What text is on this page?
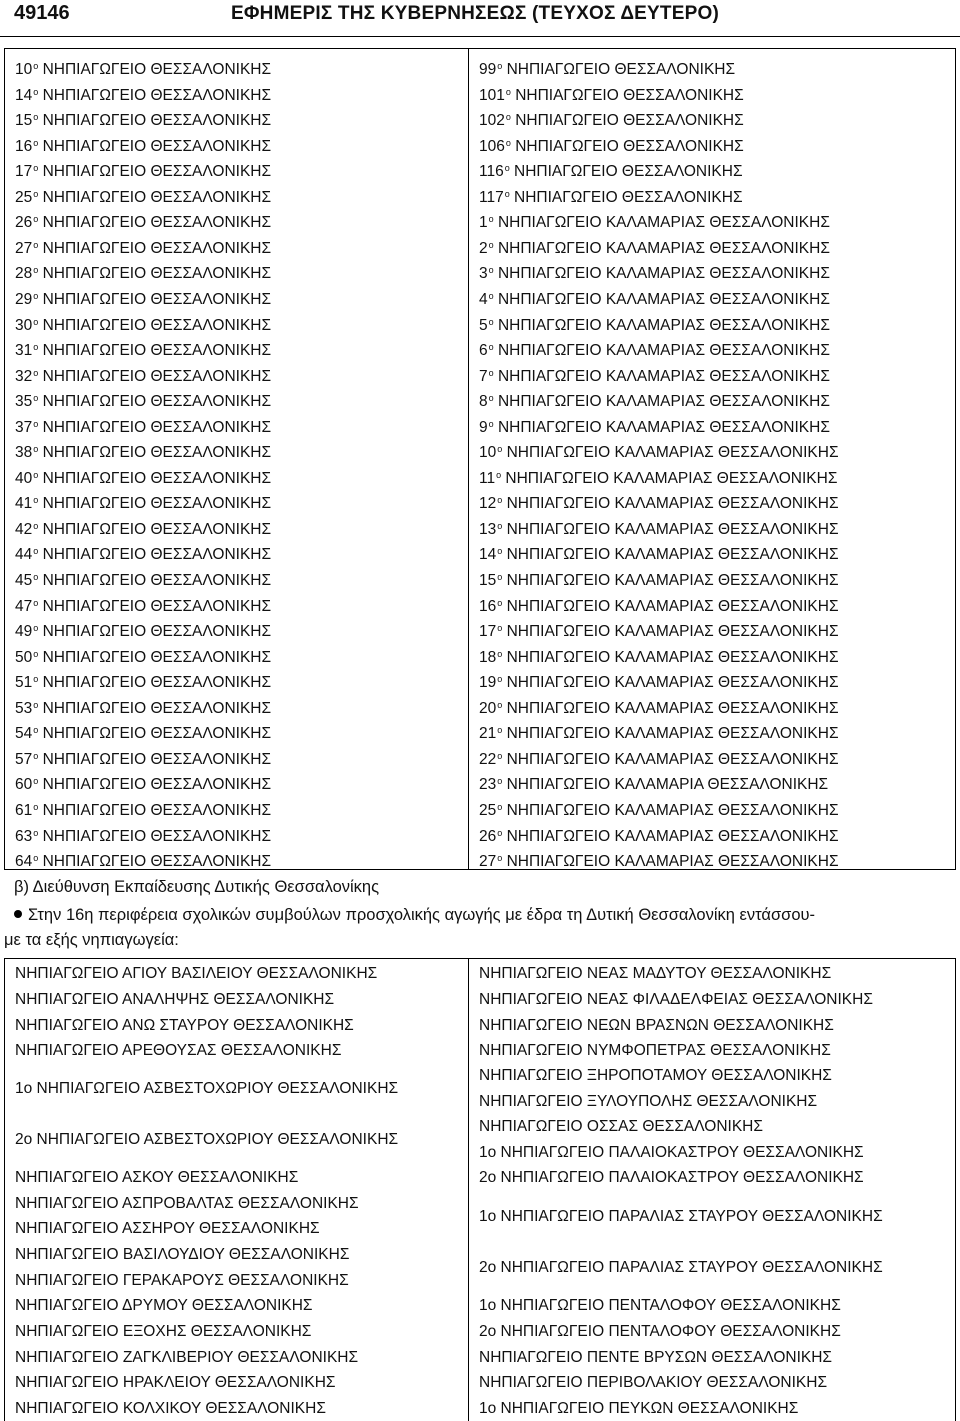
49146	ΕΦΗΜΕΡΙΣ ΤΗΣ ΚΥΒΕΡΝΗΣΕΩΣ (ΤΕΥΧΟΣ ΔΕΥΤΕΡΟ)
$10^o$ ΝΗΠΙΑΓΩΓΕΙΟ ΘΕΣΣΑΛΟΝΙΚΗΣ
$14^o$ ΝΗΠΙΑΓΩΓΕΙΟ ΘΕΣΣΑΛΟΝΙΚΗΣ
$15^o$ ΝΗΠΙΑΓΩΓΕΙΟ ΘΕΣΣΑΛΟΝΙΚΗΣ
$16^o$ ΝΗΠΙΑΓΩΓΕΙΟ ΘΕΣΣΑΛΟΝΙΚΗΣ
$17^o$ ΝΗΠΙΑΓΩΓΕΙΟ ΘΕΣΣΑΛΟΝΙΚΗΣ
$25^o$ ΝΗΠΙΑΓΩΓΕΙΟ ΘΕΣΣΑΛΟΝΙΚΗΣ
$26^o$ ΝΗΠΙΑΓΩΓΕΙΟ ΘΕΣΣΑΛΟΝΙΚΗΣ
$27^o$ ΝΗΠΙΑΓΩΓΕΙΟ ΘΕΣΣΑΛΟΝΙΚΗΣ
$28^o$ ΝΗΠΙΑΓΩΓΕΙΟ ΘΕΣΣΑΛΟΝΙΚΗΣ
$29^o$ ΝΗΠΙΑΓΩΓΕΙΟ ΘΕΣΣΑΛΟΝΙΚΗΣ
$30^o$ ΝΗΠΙΑΓΩΓΕΙΟ ΘΕΣΣΑΛΟΝΙΚΗΣ
$31^o$ ΝΗΠΙΑΓΩΓΕΙΟ ΘΕΣΣΑΛΟΝΙΚΗΣ
$32^o$ ΝΗΠΙΑΓΩΓΕΙΟ ΘΕΣΣΑΛΟΝΙΚΗΣ
$35^o$ ΝΗΠΙΑΓΩΓΕΙΟ ΘΕΣΣΑΛΟΝΙΚΗΣ
$37^o$ ΝΗΠΙΑΓΩΓΕΙΟ ΘΕΣΣΑΛΟΝΙΚΗΣ
$38^o$ ΝΗΠΙΑΓΩΓΕΙΟ ΘΕΣΣΑΛΟΝΙΚΗΣ
$40^o$ ΝΗΠΙΑΓΩΓΕΙΟ ΘΕΣΣΑΛΟΝΙΚΗΣ
$41^o$ ΝΗΠΙΑΓΩΓΕΙΟ ΘΕΣΣΑΛΟΝΙΚΗΣ
$42^o$ ΝΗΠΙΑΓΩΓΕΙΟ ΘΕΣΣΑΛΟΝΙΚΗΣ
$44^o$ ΝΗΠΙΑΓΩΓΕΙΟ ΘΕΣΣΑΛΟΝΙΚΗΣ
$45^o$ ΝΗΠΙΑΓΩΓΕΙΟ ΘΕΣΣΑΛΟΝΙΚΗΣ
$47^o$ ΝΗΠΙΑΓΩΓΕΙΟ ΘΕΣΣΑΛΟΝΙΚΗΣ
$49^o$ ΝΗΠΙΑΓΩΓΕΙΟ ΘΕΣΣΑΛΟΝΙΚΗΣ
$50^o$ ΝΗΠΙΑΓΩΓΕΙΟ ΘΕΣΣΑΛΟΝΙΚΗΣ
$51^o$ ΝΗΠΙΑΓΩΓΕΙΟ ΘΕΣΣΑΛΟΝΙΚΗΣ
$53^o$ ΝΗΠΙΑΓΩΓΕΙΟ ΘΕΣΣΑΛΟΝΙΚΗΣ
$54^o$ ΝΗΠΙΑΓΩΓΕΙΟ ΘΕΣΣΑΛΟΝΙΚΗΣ
$57^o$ ΝΗΠΙΑΓΩΓΕΙΟ ΘΕΣΣΑΛΟΝΙΚΗΣ
$60^o$ ΝΗΠΙΑΓΩΓΕΙΟ ΘΕΣΣΑΛΟΝΙΚΗΣ
$61^o$ ΝΗΠΙΑΓΩΓΕΙΟ ΘΕΣΣΑΛΟΝΙΚΗΣ
$63^o$ ΝΗΠΙΑΓΩΓΕΙΟ ΘΕΣΣΑΛΟΝΙΚΗΣ
$64^o$ ΝΗΠΙΑΓΩΓΕΙΟ ΘΕΣΣΑΛΟΝΙΚΗΣ
$99^o$ ΝΗΠΙΑΓΩΓΕΙΟ ΘΕΣΣΑΛΟΝΙΚΗΣ
$101^o$ ΝΗΠΙΑΓΩΓΕΙΟ ΘΕΣΣΑΛΟΝΙΚΗΣ
$102^o$ ΝΗΠΙΑΓΩΓΕΙΟ ΘΕΣΣΑΛΟΝΙΚΗΣ
$106^o$ ΝΗΠΙΑΓΩΓΕΙΟ ΘΕΣΣΑΛΟΝΙΚΗΣ
$116^o$ ΝΗΠΙΑΓΩΓΕΙΟ ΘΕΣΣΑΛΟΝΙΚΗΣ
$117^o$ ΝΗΠΙΑΓΩΓΕΙΟ ΘΕΣΣΑΛΟΝΙΚΗΣ
$1^o$ ΝΗΠΙΑΓΩΓΕΙΟ ΚΑΛΑΜΑΡΙΑΣ ΘΕΣΣΑΛΟΝΙΚΗΣ
$2^o$ ΝΗΠΙΑΓΩΓΕΙΟ ΚΑΛΑΜΑΡΙΑΣ ΘΕΣΣΑΛΟΝΙΚΗΣ
$3^o$ ΝΗΠΙΑΓΩΓΕΙΟ ΚΑΛΑΜΑΡΙΑΣ ΘΕΣΣΑΛΟΝΙΚΗΣ
$4^o$ ΝΗΠΙΑΓΩΓΕΙΟ ΚΑΛΑΜΑΡΙΑΣ ΘΕΣΣΑΛΟΝΙΚΗΣ
$5^o$ ΝΗΠΙΑΓΩΓΕΙΟ ΚΑΛΑΜΑΡΙΑΣ ΘΕΣΣΑΛΟΝΙΚΗΣ
$6^o$ ΝΗΠΙΑΓΩΓΕΙΟ ΚΑΛΑΜΑΡΙΑΣ ΘΕΣΣΑΛΟΝΙΚΗΣ
$7^o$ ΝΗΠΙΑΓΩΓΕΙΟ ΚΑΛΑΜΑΡΙΑΣ ΘΕΣΣΑΛΟΝΙΚΗΣ
$8^o$ ΝΗΠΙΑΓΩΓΕΙΟ ΚΑΛΑΜΑΡΙΑΣ ΘΕΣΣΑΛΟΝΙΚΗΣ
$9^o$ ΝΗΠΙΑΓΩΓΕΙΟ ΚΑΛΑΜΑΡΙΑΣ ΘΕΣΣΑΛΟΝΙΚΗΣ
$10^o$ ΝΗΠΙΑΓΩΓΕΙΟ ΚΑΛΑΜΑΡΙΑΣ ΘΕΣΣΑΛΟΝΙΚΗΣ
$11^o$ ΝΗΠΙΑΓΩΓΕΙΟ ΚΑΛΑΜΑΡΙΑΣ ΘΕΣΣΑΛΟΝΙΚΗΣ
$12^o$ ΝΗΠΙΑΓΩΓΕΙΟ ΚΑΛΑΜΑΡΙΑΣ ΘΕΣΣΑΛΟΝΙΚΗΣ
$13^o$ ΝΗΠΙΑΓΩΓΕΙΟ ΚΑΛΑΜΑΡΙΑΣ ΘΕΣΣΑΛΟΝΙΚΗΣ
$14^o$ ΝΗΠΙΑΓΩΓΕΙΟ ΚΑΛΑΜΑΡΙΑΣ ΘΕΣΣΑΛΟΝΙΚΗΣ
$15^o$ ΝΗΠΙΑΓΩΓΕΙΟ ΚΑΛΑΜΑΡΙΑΣ ΘΕΣΣΑΛΟΝΙΚΗΣ
$16^o$ ΝΗΠΙΑΓΩΓΕΙΟ ΚΑΛΑΜΑΡΙΑΣ ΘΕΣΣΑΛΟΝΙΚΗΣ
$17^o$ ΝΗΠΙΑΓΩΓΕΙΟ ΚΑΛΑΜΑΡΙΑΣ ΘΕΣΣΑΛΟΝΙΚΗΣ
$18^o$ ΝΗΠΙΑΓΩΓΕΙΟ ΚΑΛΑΜΑΡΙΑΣ ΘΕΣΣΑΛΟΝΙΚΗΣ
$19^o$ ΝΗΠΙΑΓΩΓΕΙΟ ΚΑΛΑΜΑΡΙΑΣ ΘΕΣΣΑΛΟΝΙΚΗΣ
$20^o$ ΝΗΠΙΑΓΩΓΕΙΟ ΚΑΛΑΜΑΡΙΑΣ ΘΕΣΣΑΛΟΝΙΚΗΣ
$21^o$ ΝΗΠΙΑΓΩΓΕΙΟ ΚΑΛΑΜΑΡΙΑΣ ΘΕΣΣΑΛΟΝΙΚΗΣ
$22^o$ ΝΗΠΙΑΓΩΓΕΙΟ ΚΑΛΑΜΑΡΙΑΣ ΘΕΣΣΑΛΟΝΙΚΗΣ
$23^o$ ΝΗΠΙΑΓΩΓΕΙΟ ΚΑΛΑΜΑΡΙΑ ΘΕΣΣΑΛΟΝΙΚΗΣ
$25^o$ ΝΗΠΙΑΓΩΓΕΙΟ ΚΑΛΑΜΑΡΙΑΣ ΘΕΣΣΑΛΟΝΙΚΗΣ
$26^o$ ΝΗΠΙΑΓΩΓΕΙΟ ΚΑΛΑΜΑΡΙΑΣ ΘΕΣΣΑΛΟΝΙΚΗΣ
$27^o$ ΝΗΠΙΑΓΩΓΕΙΟ ΚΑΛΑΜΑΡΙΑΣ ΘΕΣΣΑΛΟΝΙΚΗΣ
β) Διεύθυνση Εκπαίδευσης Δυτικής Θεσσαλονίκης
Στην 16η περιφέρεια σχολικών συμβούλων προσχολικής αγωγής με έδρα τη Δυτική Θεσσαλονίκη εντάσσου-
με τα εξής νηπιαγωγεία:
ΝΗΠΙΑΓΩΓΕΙΟ ΑΓΙΟΥ ΒΑΣΙΛΕΙΟΥ ΘΕΣΣΑΛΟΝΙΚΗΣ
ΝΗΠΙΑΓΩΓΕΙΟ ΑΝΑΛΗΨΗΣ ΘΕΣΣΑΛΟΝΙΚΗΣ
ΝΗΠΙΑΓΩΓΕΙΟ ΑΝΩ ΣΤΑΥΡΟΥ ΘΕΣΣΑΛΟΝΙΚΗΣ
ΝΗΠΙΑΓΩΓΕΙΟ ΑΡΕΘΟΥΣΑΣ ΘΕΣΣΑΛΟΝΙΚΗΣ
1ο ΝΗΠΙΑΓΩΓΕΙΟ ΑΣΒΕΣΤΟΧΩΡΙΟΥ ΘΕΣΣΑΛΟΝΙΚΗΣ
2ο ΝΗΠΙΑΓΩΓΕΙΟ ΑΣΒΕΣΤΟΧΩΡΙΟΥ ΘΕΣΣΑΛΟΝΙΚΗΣ
ΝΗΠΙΑΓΩΓΕΙΟ ΑΣΚΟΥ ΘΕΣΣΑΛΟΝΙΚΗΣ
ΝΗΠΙΑΓΩΓΕΙΟ ΑΣΠΡΟΒΑΛΤΑΣ ΘΕΣΣΑΛΟΝΙΚΗΣ
ΝΗΠΙΑΓΩΓΕΙΟ ΑΣΣΗΡΟΥ ΘΕΣΣΑΛΟΝΙΚΗΣ
ΝΗΠΙΑΓΩΓΕΙΟ ΒΑΣΙΛΟΥΔΙΟΥ ΘΕΣΣΑΛΟΝΙΚΗΣ
ΝΗΠΙΑΓΩΓΕΙΟ ΓΕΡΑΚΑΡΟΥΣ ΘΕΣΣΑΛΟΝΙΚΗΣ
ΝΗΠΙΑΓΩΓΕΙΟ ΔΡΥΜΟΥ ΘΕΣΣΑΛΟΝΙΚΗΣ
ΝΗΠΙΑΓΩΓΕΙΟ ΕΞΟΧΗΣ ΘΕΣΣΑΛΟΝΙΚΗΣ
ΝΗΠΙΑΓΩΓΕΙΟ ΖΑΓΚΛΙΒΕΡΙΟΥ ΘΕΣΣΑΛΟΝΙΚΗΣ
ΝΗΠΙΑΓΩΓΕΙΟ ΗΡΑΚΛΕΙΟΥ ΘΕΣΣΑΛΟΝΙΚΗΣ
ΝΗΠΙΑΓΩΓΕΙΟ ΚΟΛΧΙΚΟΥ ΘΕΣΣΑΛΟΝΙΚΗΣ
ΝΗΠΙΑΓΩΓΕΙΟ ΝΕΑΣ ΜΑΔΥΤΟΥ ΘΕΣΣΑΛΟΝΙΚΗΣ
ΝΗΠΙΑΓΩΓΕΙΟ ΝΕΑΣ ΦΙΛΑΔΕΛΦΕΙΑΣ ΘΕΣΣΑΛΟΝΙΚΗΣ
ΝΗΠΙΑΓΩΓΕΙΟ ΝΕΩΝ ΒΡΑΣΝΩΝ ΘΕΣΣΑΛΟΝΙΚΗΣ
ΝΗΠΙΑΓΩΓΕΙΟ ΝΥΜΦΟΠΕΤΡΑΣ ΘΕΣΣΑΛΟΝΙΚΗΣ
ΝΗΠΙΑΓΩΓΕΙΟ ΞΗΡΟΠΟΤΑΜΟΥ ΘΕΣΣΑΛΟΝΙΚΗΣ
ΝΗΠΙΑΓΩΓΕΙΟ ΞΥΛΟΥΠΟΛΗΣ ΘΕΣΣΑΛΟΝΙΚΗΣ
ΝΗΠΙΑΓΩΓΕΙΟ ΟΣΣΑΣ ΘΕΣΣΑΛΟΝΙΚΗΣ
1ο ΝΗΠΙΑΓΩΓΕΙΟ ΠΑΛΑΙΟΚΑΣΤΡΟΥ ΘΕΣΣΑΛΟΝΙΚΗΣ
2ο ΝΗΠΙΑΓΩΓΕΙΟ ΠΑΛΑΙΟΚΑΣΤΡΟΥ ΘΕΣΣΑΛΟΝΙΚΗΣ
1ο ΝΗΠΙΑΓΩΓΕΙΟ ΠΑΡΑΛΙΑΣ ΣΤΑΥΡΟΥ ΘΕΣΣΑΛΟΝΙΚΗΣ
2ο ΝΗΠΙΑΓΩΓΕΙΟ ΠΑΡΑΛΙΑΣ ΣΤΑΥΡΟΥ ΘΕΣΣΑΛΟΝΙΚΗΣ
1ο ΝΗΠΙΑΓΩΓΕΙΟ ΠΕΝΤΑΛΟΦΟΥ ΘΕΣΣΑΛΟΝΙΚΗΣ
2ο ΝΗΠΙΑΓΩΓΕΙΟ ΠΕΝΤΑΛΟΦΟΥ ΘΕΣΣΑΛΟΝΙΚΗΣ
ΝΗΠΙΑΓΩΓΕΙΟ ΠΕΝΤΕ ΒΡΥΣΩΝ ΘΕΣΣΑΛΟΝΙΚΗΣ
ΝΗΠΙΑΓΩΓΕΙΟ ΠΕΡΙΒΟΛΑΚΙΟΥ ΘΕΣΣΑΛΟΝΙΚΗΣ
1ο ΝΗΠΙΑΓΩΓΕΙΟ ΠΕΥΚΩΝ ΘΕΣΣΑΛΟΝΙΚΗΣ
